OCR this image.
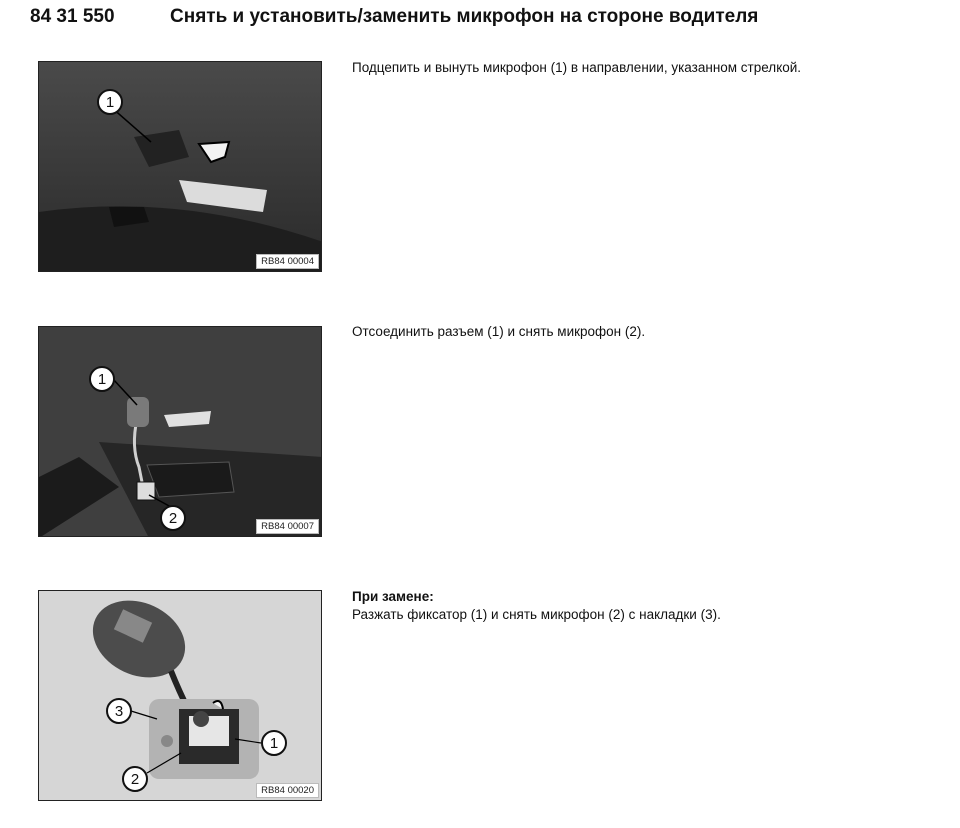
84 31 550	Снять и установить/заменить микрофон на стороне водителя
1
RB84 00004
Подцепить и вынуть микрофон (1) в направлении, указанном стрелкой.
1
2	RB84 00007
Отсоединить разъем (1) и снять микрофон (2).
3
1
2
RB84 00020
При замене:
Разжать фиксатор (1) и снять микрофон (2) с накладки (3).
